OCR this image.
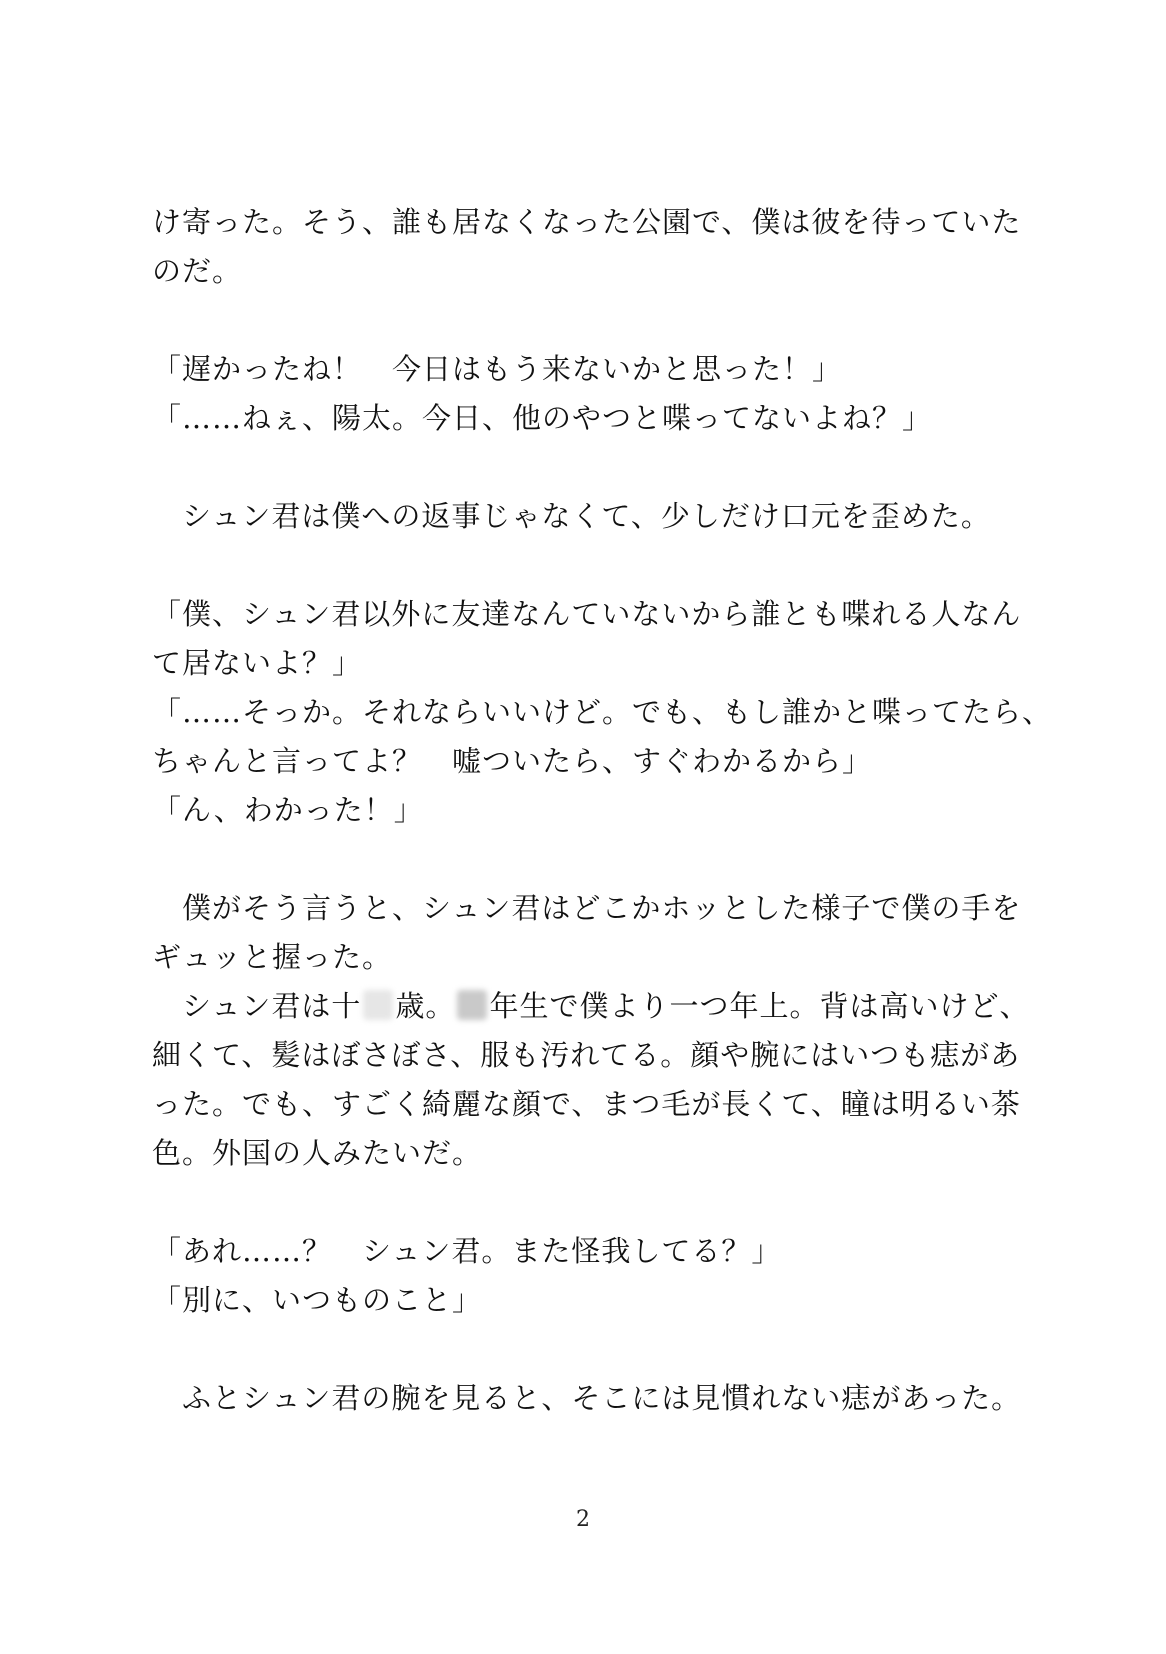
け寄った。そう、誰も居なくなった公園で、僕は彼を待っていた
のだ。
「遅かったね！　今日はもう来ないかと思った！」
「……ねぇ、陽太。今日、他のやつと喋ってないよね？」
　シュン君は僕への返事じゃなくて、少しだけ口元を歪めた。
「僕、シュン君以外に友達なんていないから誰とも喋れる人なん
て居ないよ？」
「……そっか。それならいいけど。でも、もし誰かと喋ってたら、
ちゃんと言ってよ？　嘘ついたら、すぐわかるから」
「ん、わかった！」
　僕がそう言うと、シュン君はどこかホッとした様子で僕の手を
ギュッと握った。
　シュン君は十 歳。 年生で僕より一つ年上。背は高いけど、
細くて、髪はぼさぼさ、服も汚れてる。顔や腕にはいつも痣があ
った。でも、すごく綺麗な顔で、まつ毛が長くて、瞳は明るい茶
色。外国の人みたいだ。
「あれ……？　シュン君。また怪我してる？」
「別に、いつものこと」
　ふとシュン君の腕を見ると、そこには見慣れない痣があった。
2
